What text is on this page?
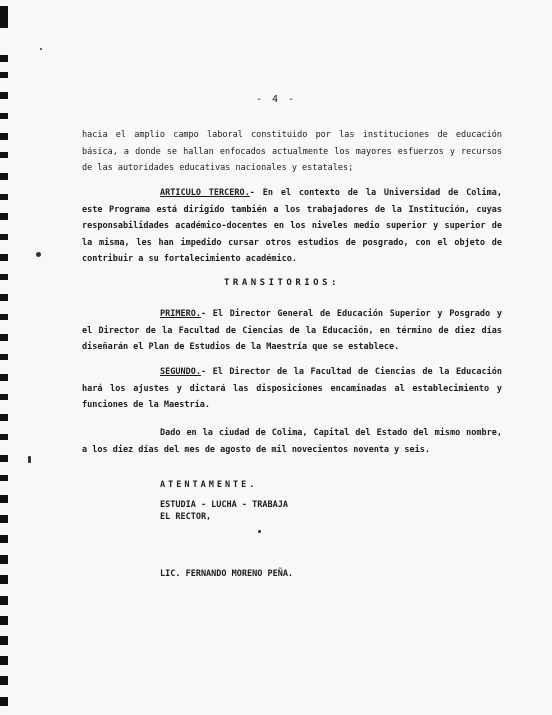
- 4 -

hacia el amplio campo laboral constituido por las instituciones de educación básica, a donde se hallan enfocados actualmente los mayores esfuerzos y recursos de las autoridades educativas nacionales y estatales;

ARTICULO TERCERO.- En el contexto de la Universidad de Colima, este Programa está dirigido también a los trabajadores de la Institución, cuyas responsabilidades académico-docentes en los niveles medio superior y superior de la misma, les han impedido cursar otros estudios de posgrado, con el objeto de contribuir a su fortalecimiento académico.

TRANSITORIOS:

PRIMERO.- El Director General de Educación Superior y Posgrado y el Director de la Facultad de Ciencias de la Educación, en término de diez días diseñarán el Plan de Estudios de la Maestría que se establece.

SEGUNDO.- El Director de la Facultad de Ciencias de la Educación hará los ajustes y dictará las disposiciones encaminadas al establecimiento y funciones de la Maestría.

Dado en la ciudad de Colima, Capital del Estado del mismo nombre, a los diez días del mes de agosto de mil novecientos noventa y seis.

ATENTAMENTE.
ESTUDIA - LUCHA - TRABAJA
EL RECTOR,
LIC. FERNANDO MORENO PEÑA.
